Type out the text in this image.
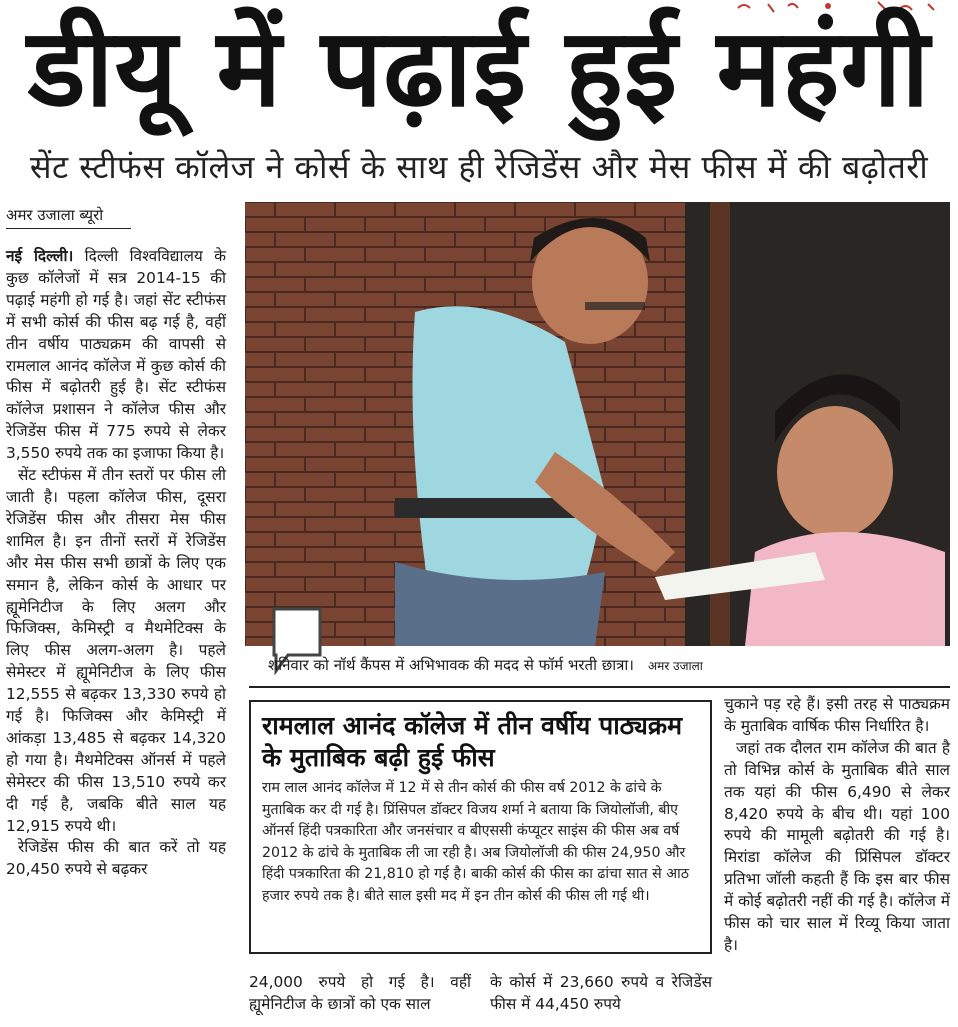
डीयू में पढ़ाई हुई महंगी
सेंट स्टीफंस कॉलेज ने कोर्स के साथ ही रेजिडेंस और मेस फीस में की बढ़ोतरी
अमर उजाला ब्यूरो

नई दिल्ली। दिल्ली विश्वविद्यालय के कुछ कॉलेजों में सत्र 2014-15 की पढ़ाई महंगी हो गई है। जहां सेंट स्टीफंस में सभी कोर्स की फीस बढ़ गई है, वहीं तीन वर्षीय पाठ्यक्रम की वापसी से रामलाल आनंद कॉलेज में कुछ कोर्स की फीस में बढ़ोतरी हुई है। सेंट स्टीफंस कॉलेज प्रशासन ने कॉलेज फीस और रेजिडेंस फीस में 775 रुपये से लेकर 3,550 रुपये तक का इजाफा किया है।

सेंट स्टीफंस में तीन स्तरों पर फीस ली जाती है। पहला कॉलेज फीस, दूसरा रेजिडेंस फीस और तीसरा मेस फीस शामिल है। इन तीनों स्तरों में रेजिडेंस और मेस फीस सभी छात्रों के लिए एक समान है, लेकिन कोर्स के आधार पर ह्यूमेनिटीज के लिए अलग और फिजिक्स, केमिस्ट्री व मैथमेटिक्स के लिए फीस अलग-अलग है। पहले सेमेस्टर में ह्यूमेनिटीज के लिए फीस 12,555 से बढ़कर 13,330 रुपये हो गई है। फिजिक्स और केमिस्ट्री में आंकड़ा 13,485 से बढ़कर 14,320 हो गया है। मैथमेटिक्स ऑनर्स में पहले सेमेस्टर की फीस 13,510 रुपये कर दी गई है, जबकि बीते साल यह 12,915 रुपये थी।

रेजिडेंस फीस की बात करें तो यह 20,450 रुपये से बढ़कर

शनिवार को नॉर्थ कैंपस में अभिभावक की मदद से फॉर्म भरती छात्रा। अमर उजाला
रामलाल आनंद कॉलेज में तीन वर्षीय पाठ्यक्रम के मुताबिक बढ़ी हुई फीस
राम लाल आनंद कॉलेज में 12 में से तीन कोर्स की फीस वर्ष 2012 के ढांचे के मुताबिक कर दी गई है। प्रिंसिपल डॉक्टर विजय शर्मा ने बताया कि जियोलॉजी, बीए ऑनर्स हिंदी पत्रकारिता और जनसंचार व बीएससी कंप्यूटर साइंस की फीस अब वर्ष 2012 के ढांचे के मुताबिक ली जा रही है। अब जियोलॉजी की फीस 24,950 और हिंदी पत्रकारिता की 21,810 हो गई है। बाकी कोर्स की फीस का ढांचा सात से आठ हजार रुपये तक है। बीते साल इसी मद में इन तीन कोर्स की फीस ली गई थी।

चुकाने पड़ रहे हैं। इसी तरह से पाठ्यक्रम के मुताबिक वार्षिक फीस निर्धारित है।

जहां तक दौलत राम कॉलेज की बात है तो विभिन्न कोर्स के मुताबिक बीते साल तक यहां की फीस 6,490 से लेकर 8,420 रुपये के बीच थी। यहां 100 रुपये की मामूली बढ़ोतरी की गई है। मिरांडा कॉलेज की प्रिंसिपल डॉक्टर प्रतिभा जॉली कहती हैं कि इस बार फीस में कोई बढ़ोतरी नहीं की गई है। कॉलेज में फीस को चार साल में रिव्यू किया जाता है।

24,000 रुपये हो गई है। वहीं ह्यूमेनिटीज के छात्रों को एक साल

के कोर्स में 23,660 रुपये व रेजिडेंस फीस में 44,450 रुपये
